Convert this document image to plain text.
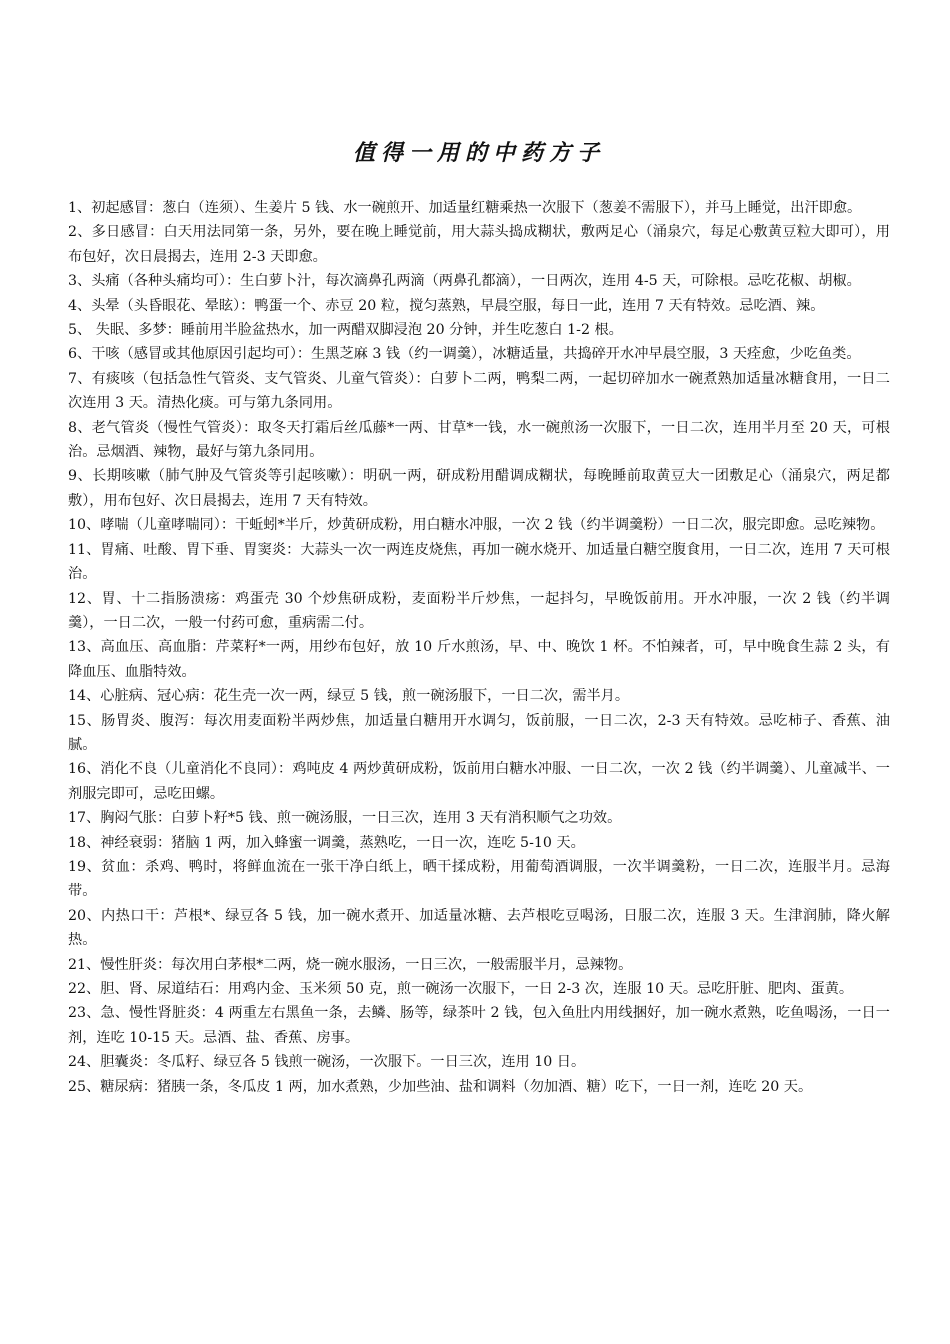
值得一用的中药方子
1、初起感冒：葱白（连须）、生姜片 5 钱、水一碗煎开、加适量红糖乘热一次服下（葱姜不需服下），并马上睡觉，出汗即愈。
2、多日感冒：白天用法同第一条，另外，要在晚上睡觉前，用大蒜头捣成糊状，敷两足心（涌泉穴，每足心敷黄豆粒大即可），用布包好，次日晨揭去，连用 2-3 天即愈。
3、头痛（各种头痛均可）：生白萝卜汁，每次滴鼻孔两滴（两鼻孔都滴），一日两次，连用 4-5 天，可除根。忌吃花椒、胡椒。
4、头晕（头昏眼花、晕眩）：鸭蛋一个、赤豆 20 粒，搅匀蒸熟，早晨空服，每日一此，连用 7 天有特效。忌吃酒、辣。
5、 失眠、多梦：睡前用半脸盆热水，加一两醋双脚浸泡 20 分钟，并生吃葱白 1-2 根。
6、干咳（感冒或其他原因引起均可）：生黑芝麻 3 钱（约一调羹），冰糖适量，共捣碎开水冲早晨空服，3 天痊愈，少吃鱼类。
7、有痰咳（包括急性气管炎、支气管炎、儿童气管炎）：白萝卜二两，鸭梨二两，一起切碎加水一碗煮熟加适量冰糖食用，一日二次连用 3 天。清热化痰。可与第九条同用。
8、老气管炎（慢性气管炎）：取冬天打霜后丝瓜藤*一两、甘草*一钱，水一碗煎汤一次服下，一日二次，连用半月至 20 天，可根治。忌烟酒、辣物，最好与第九条同用。
9、长期咳嗽（肺气肿及气管炎等引起咳嗽）：明矾一两，研成粉用醋调成糊状，每晚睡前取黄豆大一团敷足心（涌泉穴，两足都敷），用布包好、次日晨揭去，连用 7 天有特效。
10、哮喘（儿童哮喘同）：干蚯蚓*半斤，炒黄研成粉，用白糖水冲服，一次 2 钱（约半调羹粉）一日二次，服完即愈。忌吃辣物。
11、胃痛、吐酸、胃下垂、胃窦炎：大蒜头一次一两连皮烧焦，再加一碗水烧开、加适量白糖空腹食用，一日二次，连用 7 天可根治。
12、胃、十二指肠溃疡：鸡蛋壳 30 个炒焦研成粉，麦面粉半斤炒焦，一起抖匀，早晚饭前用。开水冲服，一次 2 钱（约半调羹），一日二次，一般一付药可愈，重病需二付。
13、高血压、高血脂：芹菜籽*一两，用纱布包好，放 10 斤水煎汤，早、中、晚饮 1 杯。不怕辣者，可，早中晚食生蒜 2 头，有降血压、血脂特效。
14、心脏病、冠心病：花生壳一次一两，绿豆 5 钱，煎一碗汤服下，一日二次，需半月。
15、肠胃炎、腹泻：每次用麦面粉半两炒焦，加适量白糖用开水调匀，饭前服，一日二次，2-3 天有特效。忌吃柿子、香蕉、油腻。
16、消化不良（儿童消化不良同）：鸡吨皮 4 两炒黄研成粉，饭前用白糖水冲服、一日二次，一次 2 钱（约半调羹）、儿童减半、一剂服完即可，忌吃田螺。
17、胸闷气胀：白萝卜籽*5 钱、煎一碗汤服，一日三次，连用 3 天有消积顺气之功效。
18、神经衰弱：猪脑 1 两，加入蜂蜜一调羹，蒸熟吃，一日一次，连吃 5-10 天。
19、贫血：杀鸡、鸭时，将鲜血流在一张干净白纸上，晒干揉成粉，用葡萄酒调服，一次半调羹粉，一日二次，连服半月。忌海带。
20、内热口干：芦根*、绿豆各 5 钱，加一碗水煮开、加适量冰糖、去芦根吃豆喝汤，日服二次，连服 3 天。生津润肺，降火解热。
21、慢性肝炎：每次用白茅根*二两，烧一碗水服汤，一日三次，一般需服半月，忌辣物。
22、胆、肾、尿道结石：用鸡内金、玉米须 50 克，煎一碗汤一次服下，一日 2-3 次，连服 10 天。忌吃肝脏、肥肉、蛋黄。
23、急、慢性肾脏炎：4 两重左右黑鱼一条，去鳞、肠等，绿茶叶 2 钱，包入鱼肚内用线捆好，加一碗水煮熟，吃鱼喝汤，一日一剂，连吃 10-15 天。忌酒、盐、香蕉、房事。
24、胆囊炎：冬瓜籽、绿豆各 5 钱煎一碗汤，一次服下。一日三次，连用 10 日。
25、糖尿病：猪胰一条，冬瓜皮 1 两，加水煮熟，少加些油、盐和调料（勿加酒、糖）吃下，一日一剂，连吃 20 天。
